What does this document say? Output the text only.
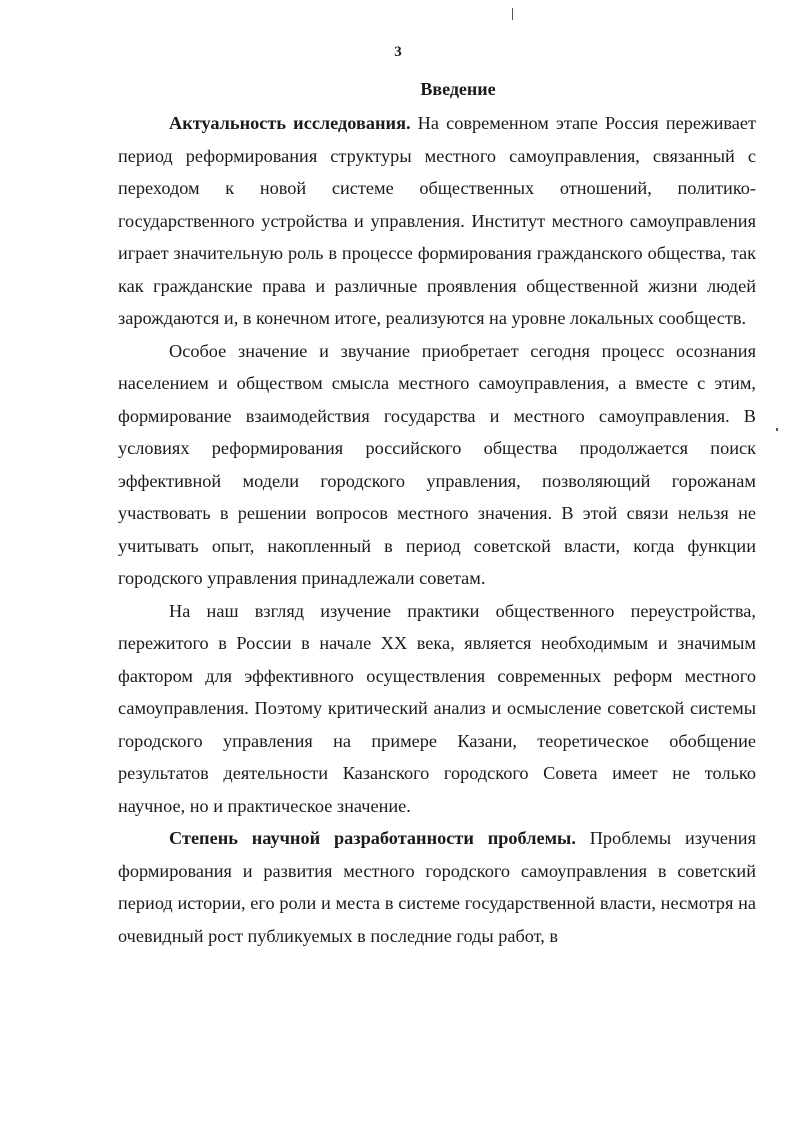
3
Введение

Актуальность исследования. На современном этапе Россия переживает период реформирования структуры местного самоуправления, связанный с переходом к новой системе общественных отношений, политико-государственного устройства и управления. Институт местного самоуправления играет значительную роль в процессе формирования гражданского общества, так как гражданские права и различные проявления общественной жизни людей зарождаются и, в конечном итоге, реализуются на уровне локальных сообществ.

Особое значение и звучание приобретает сегодня процесс осознания населением и обществом смысла местного самоуправления, а вместе с этим, формирование взаимодействия государства и местного самоуправления. В условиях реформирования российского общества продолжается поиск эффективной модели городского управления, позволяющий горожанам участвовать в решении вопросов местного значения. В этой связи нельзя не учитывать опыт, накопленный в период советской власти, когда функции городского управления принадлежали советам.

На наш взгляд изучение практики общественного переустройства, пережитого в России в начале XX века, является необходимым и значимым фактором для эффективного осуществления современных реформ местного самоуправления. Поэтому критический анализ и осмысление советской системы городского управления на примере Казани, теоретическое обобщение результатов деятельности Казанского городского Совета имеет не только научное, но и практическое значение.

Степень научной разработанности проблемы. Проблемы изучения формирования и развития местного городского самоуправления в советский период истории, его роли и места в системе государственной власти, несмотря на очевидный рост публикуемых в последние годы работ, в
